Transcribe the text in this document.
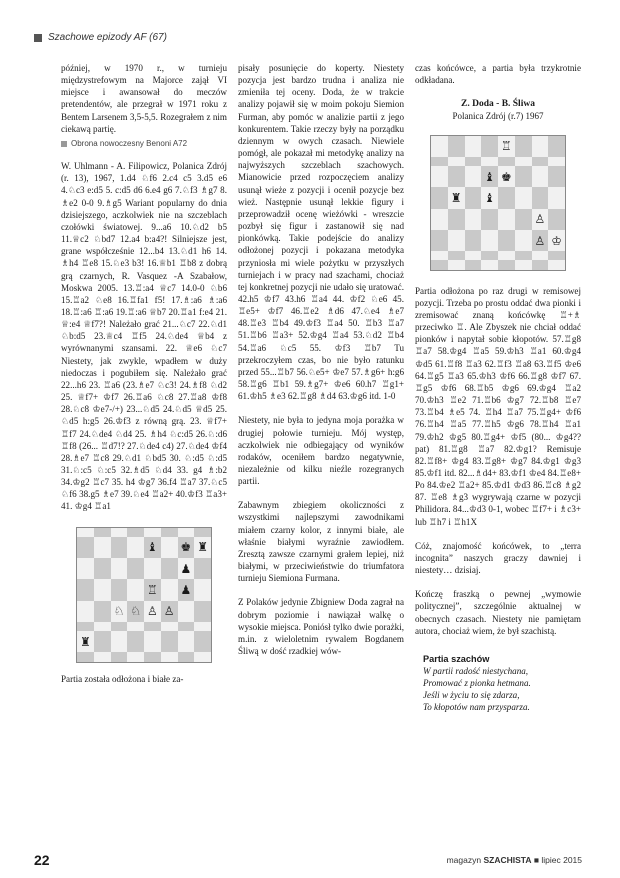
Szachowe epizody AF (67)

później, w 1970 r., w turnieju międzystrefowym na Majorce zajął VI miejsce i awansował do meczów pretendentów, ale przegrał w 1971 roku z Bentem Larsenem 3,5-5,5. Rozegrałem z nim ciekawą partię.

Obrona nowoczesny Benoni A72

W. Uhlmann - A. Filipowicz, Polanica Zdrój (r. 13), 1967, 1.d4 ♘f6 2.c4 c5 3.d5 e6 4.♘c3 e:d5 5. c:d5 d6 6.e4 g6 7.♘f3 ♗g7 8. ♗e2 0-0 9.♗g5 Wariant popularny do dnia dzisiejszego, aczkolwiek nie na szczeblach czołówki światowej. 9...a6 10.♘d2 b5 11.♕c2 ♘bd7 12.a4 b:a4?! Silniejsze jest, grane współcześnie 12...b4 13.♘d1 h6 14. ♗h4 ♖e8 15.♘e3 b3! 16.♕b1 ♖b8 z dobrą grą czarnych, R. Vasquez -A Szabałow, Moskwa 2005. 13.♖:a4 ♕c7 14.0-0 ♘b6 15.♖a2 ♘e8 16.♖fa1 f5! 17.♗:a6 ♗:a6 18.♖:a6 ♖:a6 19.♖:a6 ♕b7 20.♖a1 f:e4 21. ♕:e4 ♕f7?! Należało grać 21...♘c7 22.♘d1 ♘b:d5 23.♕c4 ♖f5 24.♘de4 ♕b4 z wyrównanymi szansami. 22. ♕e6 ♘c7 Niestety, jak zwykle, wpadłem w duży niedoczas i pogubiłem się. Należało grać 22...h6 23. ♖a6 (23.♗e7 ♘c3! 24.♗f8 ♘d2 25. ♕f7+ ♔f7 26.♖a6 ♘c8 27.♖a8 ♔f8 28.♘c8 ♔e7-/+) 23...♘d5 24.♘d5 ♕d5 25. ♘d5 h:g5 26.♔f3 z równą grą. 23. ♕f7+ ♖f7 24.♘de4 ♘d4 25. ♗h4 ♘c:d5 26.♘:d6 ♖f8 (26... ♖d7!? 27.♘de4 c4) 27.♘de4 ♔f4 28.♗e7 ♖c8 29.♘d1 ♘bd5 30. ♘:d5 ♘:d5 31.♘:c5 ♘:c5 32.♗d5 ♘d4 33. g4 ♗:b2 34.♔g2 ♖c7 35. h4 ♔g7 36.f4 ♖a7 37.♘c5 ♘f6 38.g5 ♗e7 39.♘e4 ♖a2+ 40.♔f3 ♖a3+ 41. ♔g4 ♖a1

♝ ♚ ♜
♟
♖ ♟
♘ ♘ ♙ ♙
♜

Partia została odłożona i białe za-

pisały posunięcie do koperty. Niestety pozycja jest bardzo trudna i analiza nie zmieniła tej oceny. Doda, że w trakcie analizy pojawił się w moim pokoju Siemion Furman, aby pomóc w analizie partii z jego konkurentem. Takie rzeczy były na porządku dziennym w owych czasach. Niewiele pomógł, ale pokazał mi metodykę analizy na najwyższych szczeblach szachowych. Mianowicie przed rozpoczęciem analizy usunął wieże z pozycji i ocenił pozycje bez wież. Następnie usunął lekkie figury i przeprowadził ocenę wieżówki - wreszcie pozbył się figur i zastanowił się nad pionkówką. Takie podejście do analizy odłożonej pozycji i pokazana metodyka przyniosła mi wiele pożytku w przyszłych turniejach i w pracy nad szachami, chociaż tej konkretnej pozycji nie udało się uratować. 42.h5 ♔f7 43.h6 ♖a4 44. ♔f2 ♘e6 45. ♖e5+ ♔f7 46.♖e2 ♗d6 47.♘e4 ♗e7 48.♖e3 ♖b4 49.♔f3 ♖a4 50. ♖b3 ♖a7 51.♖b6 ♖a3+ 52.♔g4 ♖a4 53.♘d2 ♖b4 54.♖a6 ♘c5 55. ♔f3 ♖b7 Tu przekroczyłem czas, bo nie było ratunku przed 55...♖b7 56.♘e5+ ♔e7 57.♗g6+ h:g6 58.♖g6 ♖b1 59.♗g7+ ♔e6 60.h7 ♖g1+ 61.♔h5 ♗e3 62.♖g8 ♗d4 63.♔g6 itd. 1-0

Niestety, nie była to jedyna moja porażka w drugiej połowie turnieju. Mój występ, aczkolwiek nie odbiegający od wyników rodaków, oceniłem bardzo negatywnie, niezależnie od kilku nieźle rozegranych partii.

Zabawnym zbiegiem okoliczności z wszystkimi najlepszymi zawodnikami miałem czarny kolor, z innymi białe, ale właśnie białymi wyraźnie zawiodłem. Zresztą zawsze czarnymi grałem lepiej, niż białymi, w przeciwieństwie do triumfatora turnieju Siemiona Furmana.

Z Polaków jedynie Zbigniew Doda zagrał na dobrym poziomie i nawiązał walkę o wysokie miejsca. Poniósł tylko dwie porażki, m.in. z wieloletnim rywalem Bogdanem Śliwą w dość rzadkiej wów-

czas końcówce, a partia była trzykrotnie odkładana.

Z. Doda - B. Śliwa

Polanica Zdrój (r.7) 1967

♖
♝ ♚
♜ ♝
♙
♙ ♔

Partia odłożona po raz drugi w remisowej pozycji. Trzeba po prostu oddać dwa pionki i zremisować znaną końcówkę ♖+♗ przeciwko ♖. Ale Zbyszek nie chciał oddać pionków i napytał sobie kłopotów. 57.♖g8 ♖a7 58.♔g4 ♖a5 59.♔h3 ♖a1 60.♔g4 ♔d5 61.♖f8 ♖a3 62.♖f3 ♖a8 63.♖f5 ♔e6 64.♖g5 ♖a3 65.♔h3 ♔f6 66.♖g8 ♔f7 67. ♖g5 ♔f6 68.♖b5 ♔g6 69.♔g4 ♖a2 70.♔h3 ♖e2 71.♖b6 ♔g7 72.♖b8 ♖e7 73.♖b4 ♗e5 74. ♖h4 ♖a7 75.♖g4+ ♔f6 76.♖h4 ♖a5 77.♖h5 ♔g6 78.♖h4 ♖a1 79.♔h2 ♔g5 80.♖g4+ ♔f5 (80... ♔g4?? pat) 81.♖g8 ♖a7 82.♔g1? Remisuje 82.♖f8+ ♔g4 83.♖g8+ ♔g7 84.♔g1 ♔g3 85.♔f1 itd. 82...♗d4+ 83.♔f1 ♔e4 84.♖e8+ Po 84.♔e2 ♖a2+ 85.♔d1 ♔d3 86.♖c8 ♗g2 87. ♖e8 ♗g3 wygrywają czarne w pozycji Philidora. 84...♔d3 0-1, wobec ♖f7+ i ♗c3+ lub ♖h7 i ♖h1X

Cóż, znajomość końcówek, to „terra incognita” naszych graczy dawniej i niestety… dzisiaj.

Kończę fraszką o pewnej „wymowie politycznej”, szczególnie aktualnej w obecnych czasach. Niestety nie pamiętam autora, chociaż wiem, że był szachistą.

Partia szachów
W partii radość niestychana,
Promować z pionka hetmana.
Jeśli w życiu to się zdarza,
To kłopotów nam przysparza.
22	magazyn SZACHISTA ■ lipiec 2015
